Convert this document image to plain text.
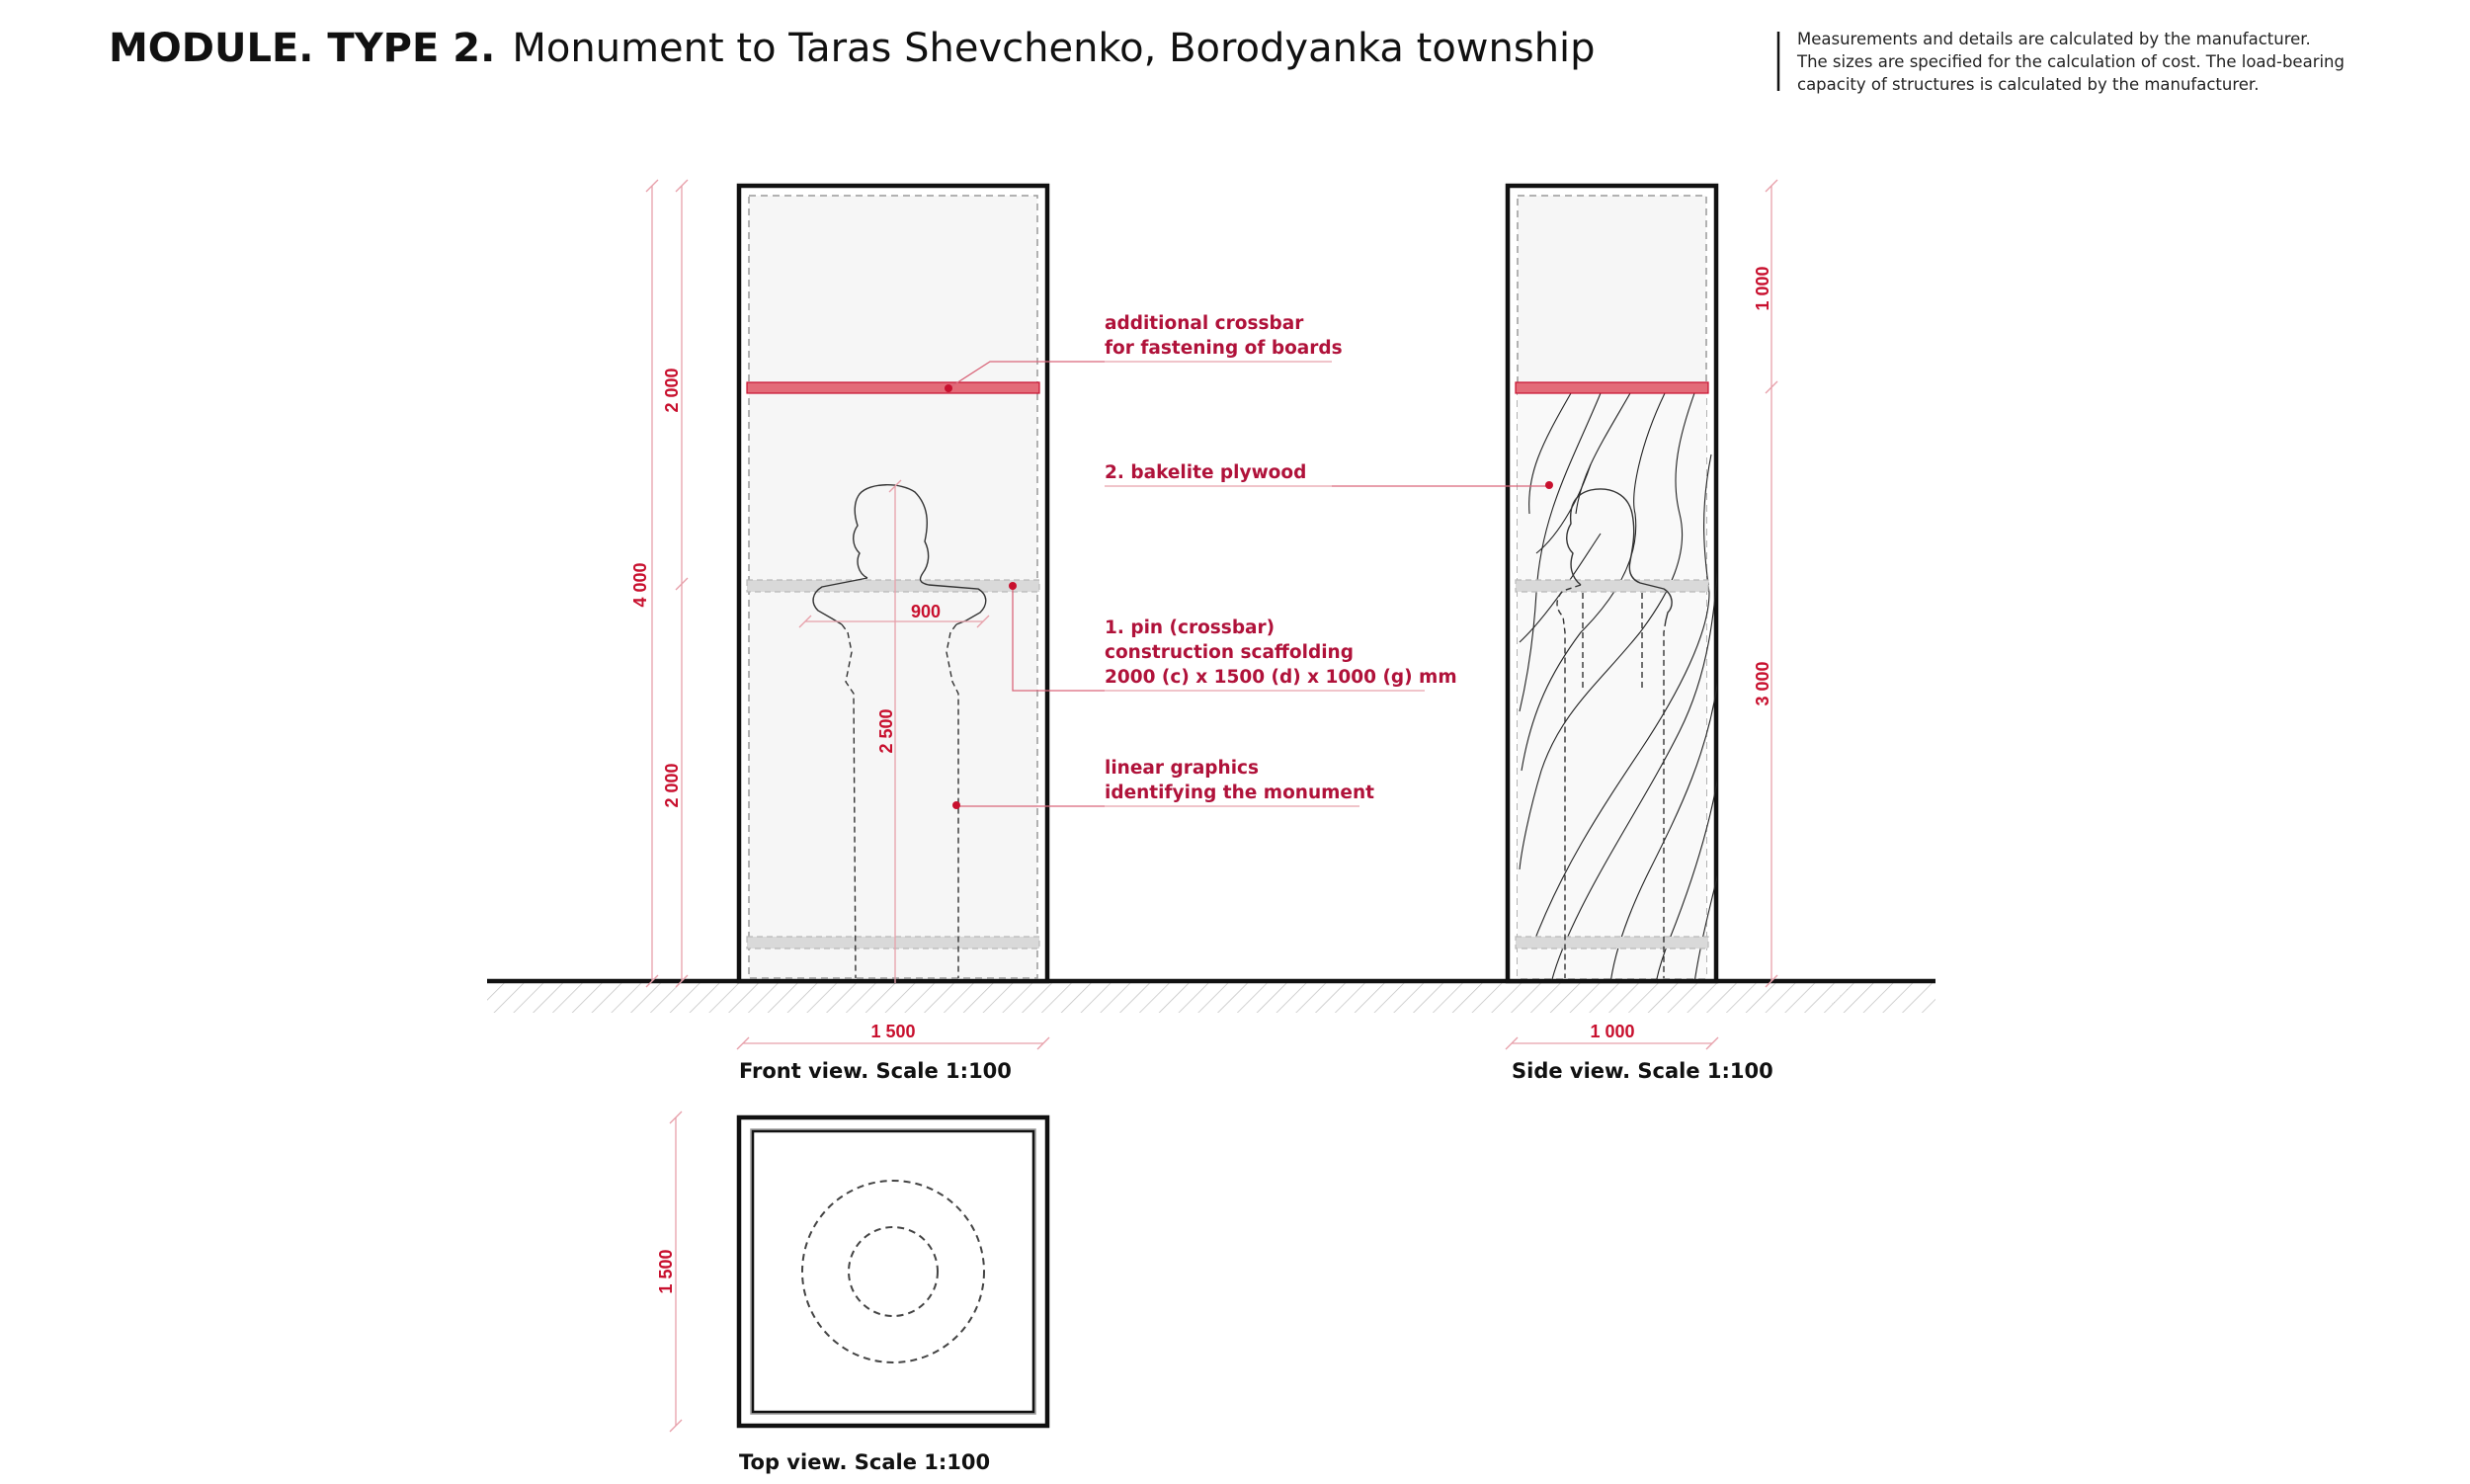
MODULE. TYPE 2. Monument to Taras Shevchenko, Borodyanka township	Measurements and details are calculated by the manufacturer.
The sizes are specified for the calculation of cost. The load-bearing
capacity of structures is calculated by the manufacturer.
900
2 500
4 000
2 000
2 000
1 500
Front view. Scale 1:100
1 000
3 000
1 000
Side view. Scale 1:100
additional crossbar
for fastening of boards
2. bakelite plywood
1. pin (crossbar)
construction scaffolding
2000 (c) x 1500 (d) x 1000 (g) mm
linear graphics
identifying the monument
1 500
Top view. Scale 1:100
